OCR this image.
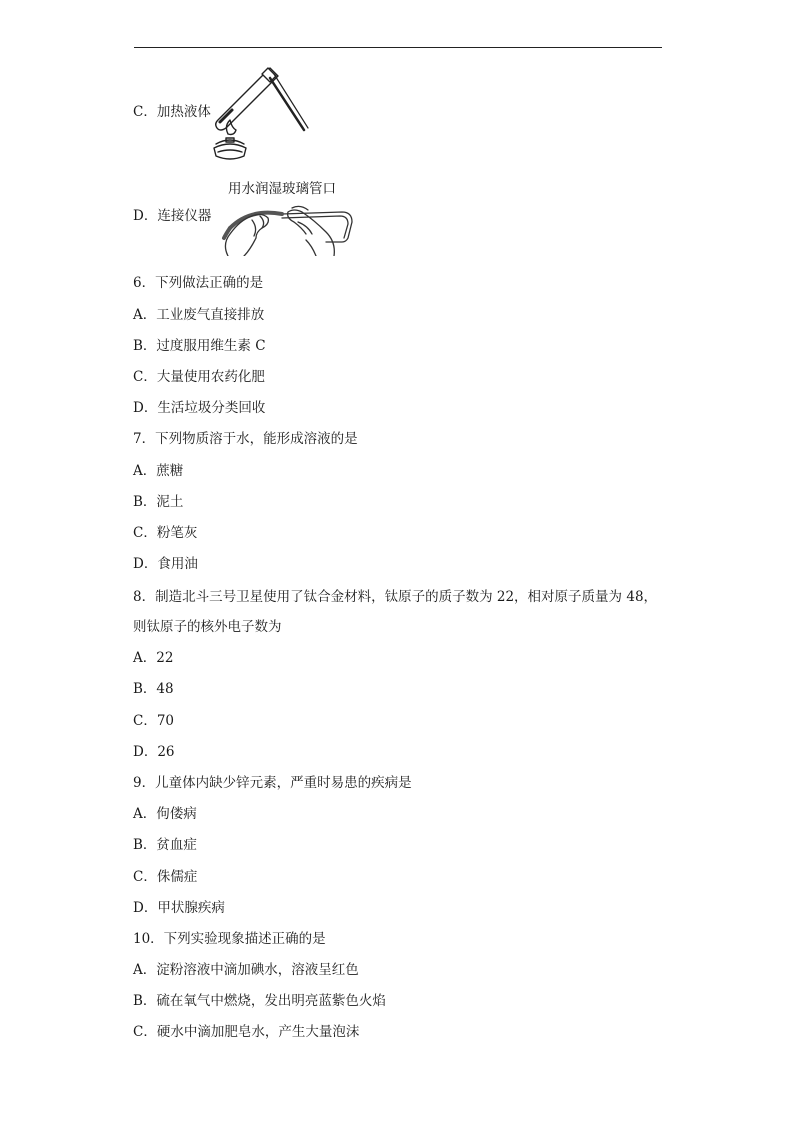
用水润湿玻璃管口
C．加热液体
D．连接仪器
6．下列做法正确的是
A．工业废气直接排放
B．过度服用维生素 C
C．大量使用农药化肥
D．生活垃圾分类回收
7．下列物质溶于水，能形成溶液的是
A．蔗糖
B．泥土
C．粉笔灰
D．食用油
8．制造北斗三号卫星使用了钛合金材料，钛原子的质子数为 22，相对原子质量为 48，
则钛原子的核外电子数为
A．22
B．48
C．70
D．26
9．儿童体内缺少锌元素，严重时易患的疾病是
A．佝偻病
B．贫血症
C．侏儒症
D．甲状腺疾病
10．下列实验现象描述正确的是
A．淀粉溶液中滴加碘水，溶液呈红色
B．硫在氧气中燃烧，发出明亮蓝紫色火焰
C．硬水中滴加肥皂水，产生大量泡沫
